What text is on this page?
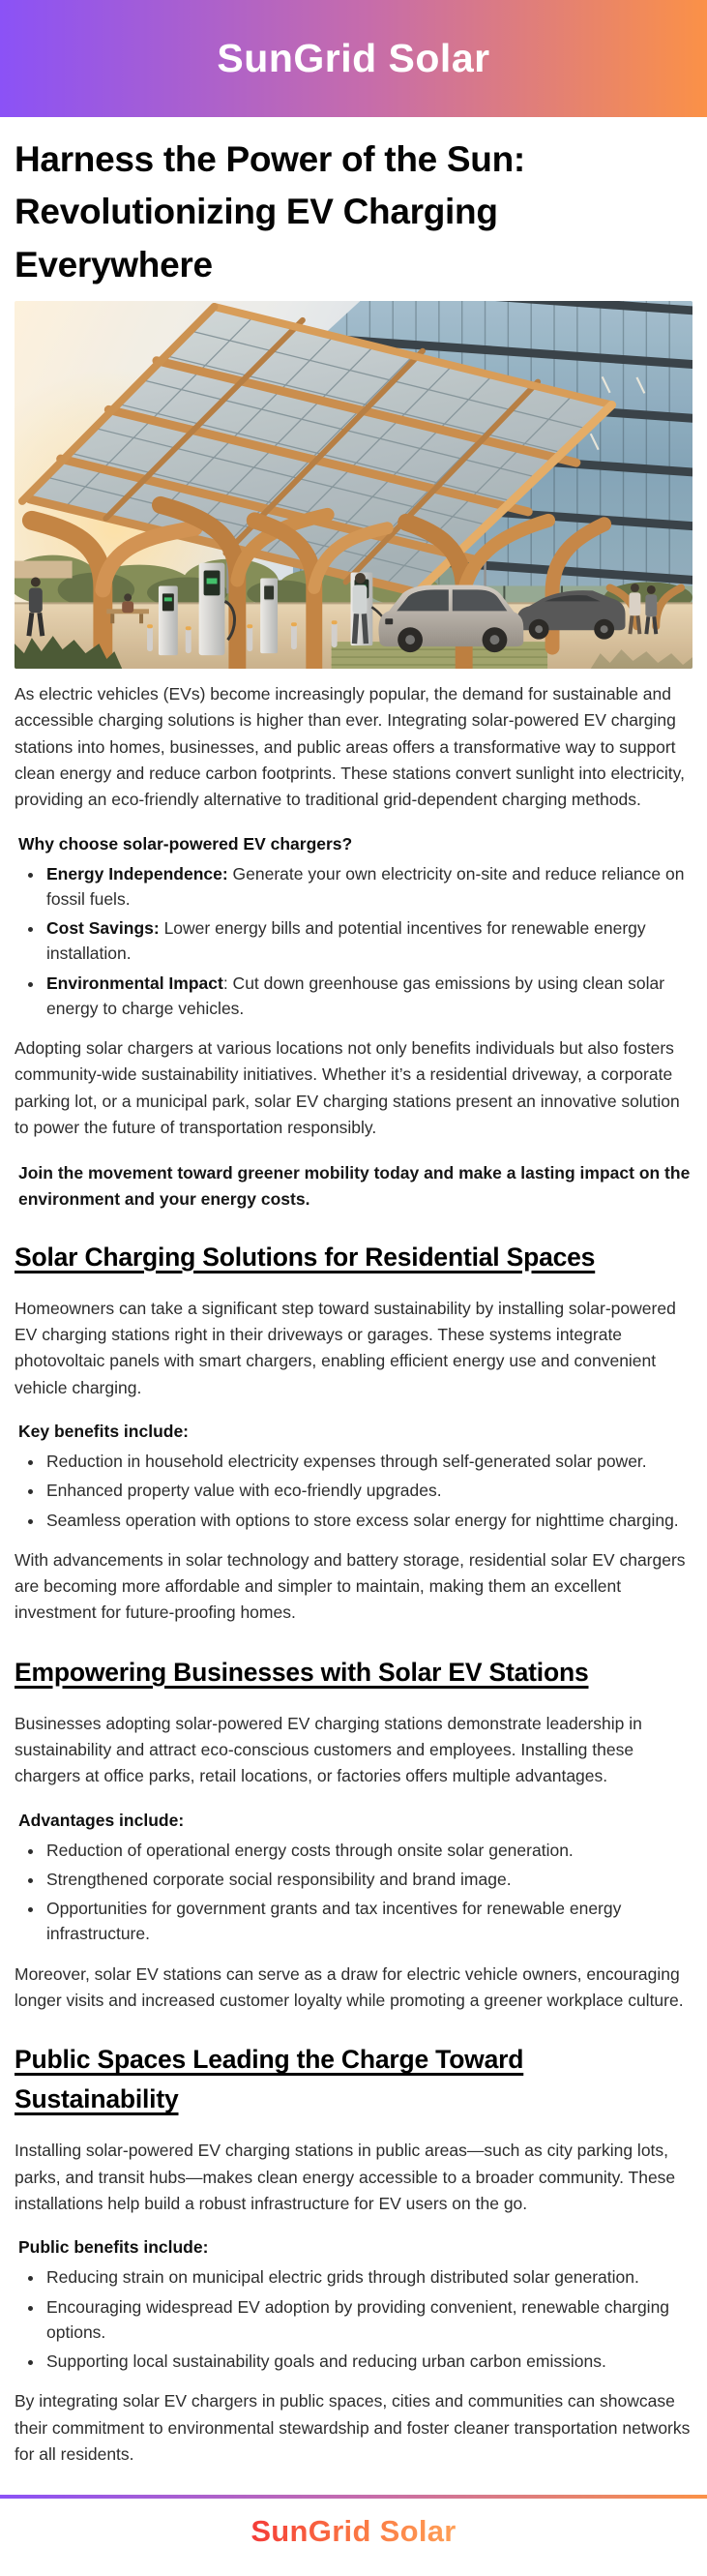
SunGrid Solar
Harness the Power of the Sun: Revolutionizing EV Charging Everywhere

As electric vehicles (EVs) become increasingly popular, the demand for sustainable and accessible charging solutions is higher than ever. Integrating solar-powered EV charging stations into homes, businesses, and public areas offers a transformative way to support clean energy and reduce carbon footprints. These stations convert sunlight into electricity, providing an eco-friendly alternative to traditional grid-dependent charging methods.

Why choose solar-powered EV chargers?
• Energy Independence: Generate your own electricity on-site and reduce reliance on fossil fuels.
• Cost Savings: Lower energy bills and potential incentives for renewable energy installation.
• Environmental Impact: Cut down greenhouse gas emissions by using clean solar energy to charge vehicles.

Adopting solar chargers at various locations not only benefits individuals but also fosters community-wide sustainability initiatives. Whether it’s a residential driveway, a corporate parking lot, or a municipal park, solar EV charging stations present an innovative solution to power the future of transportation responsibly.

Join the movement toward greener mobility today and make a lasting impact on the environment and your energy costs.

Solar Charging Solutions for Residential Spaces

Homeowners can take a significant step toward sustainability by installing solar-powered EV charging stations right in their driveways or garages. These systems integrate photovoltaic panels with smart chargers, enabling efficient energy use and convenient vehicle charging.

Key benefits include:
• Reduction in household electricity expenses through self-generated solar power.
• Enhanced property value with eco-friendly upgrades.
• Seamless operation with options to store excess solar energy for nighttime charging.

With advancements in solar technology and battery storage, residential solar EV chargers are becoming more affordable and simpler to maintain, making them an excellent investment for future-proofing homes.

Empowering Businesses with Solar EV Stations

Businesses adopting solar-powered EV charging stations demonstrate leadership in sustainability and attract eco-conscious customers and employees. Installing these chargers at office parks, retail locations, or factories offers multiple advantages.

Advantages include:
• Reduction of operational energy costs through onsite solar generation.
• Strengthened corporate social responsibility and brand image.
• Opportunities for government grants and tax incentives for renewable energy infrastructure.

Moreover, solar EV stations can serve as a draw for electric vehicle owners, encouraging longer visits and increased customer loyalty while promoting a greener workplace culture.

Public Spaces Leading the Charge Toward Sustainability

Installing solar-powered EV charging stations in public areas—such as city parking lots, parks, and transit hubs—makes clean energy accessible to a broader community. These installations help build a robust infrastructure for EV users on the go.

Public benefits include:
• Reducing strain on municipal electric grids through distributed solar generation.
• Encouraging widespread EV adoption by providing convenient, renewable charging options.
• Supporting local sustainability goals and reducing urban carbon emissions.

By integrating solar EV chargers in public spaces, cities and communities can showcase their commitment to environmental stewardship and foster cleaner transportation networks for all residents.

SunGrid Solar
